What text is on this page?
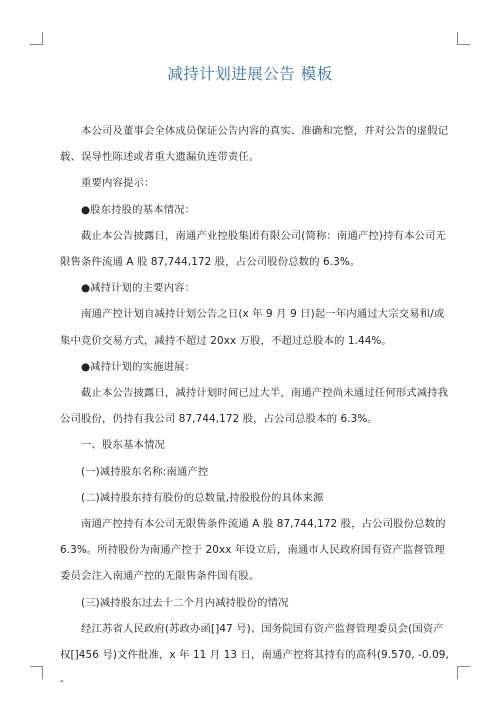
减持计划进展公告 模板

本公司及董事会全体成员保证公告内容的真实、准确和完整，并对公告的虚假记载、误导性陈述或者重大遗漏负连带责任。

重要内容提示：

●股东持股的基本情况：

截止本公告披露日，南通产业控股集团有限公司(简称：南通产控)持有本公司无限售条件流通 A 股 87,744,172 股，占公司股份总数的 6.3%。

●减持计划的主要内容：

南通产控计划自减持计划公告之日(x 年 9 月 9 日)起一年内通过大宗交易和/或集中竞价交易方式，减持不超过 20xx 万股，不超过总股本的 1.44%。

●减持计划的实施进展：

截止本公告披露日，减持计划时间已过大半，南通产控尚未通过任何形式减持我公司股份，仍持有我公司 87,744,172 股，占公司总股本的 6.3%。

一、股东基本情况

(一)减持股东名称:南通产控

(二)减持股东持有股份的总数量,持股股份的具体来源

南通产控持有本公司无限售条件流通 A 股 87,744,172 股，占公司股份总数的 6.3%。所持股份为南通产控于 20xx 年设立后，南通市人民政府国有资产监督管理委员会注入南通产控的无限售条件国有股。

(三)减持股东过去十二个月内减持股份的情况

经江苏省人民政府(苏政办函[]47 号)、国务院国有资产监督管理委员会(国资产权[]456 号)文件批准，x 年 11 月 13 日，南通产控将其持有的高科(9.570, -0.09, -
